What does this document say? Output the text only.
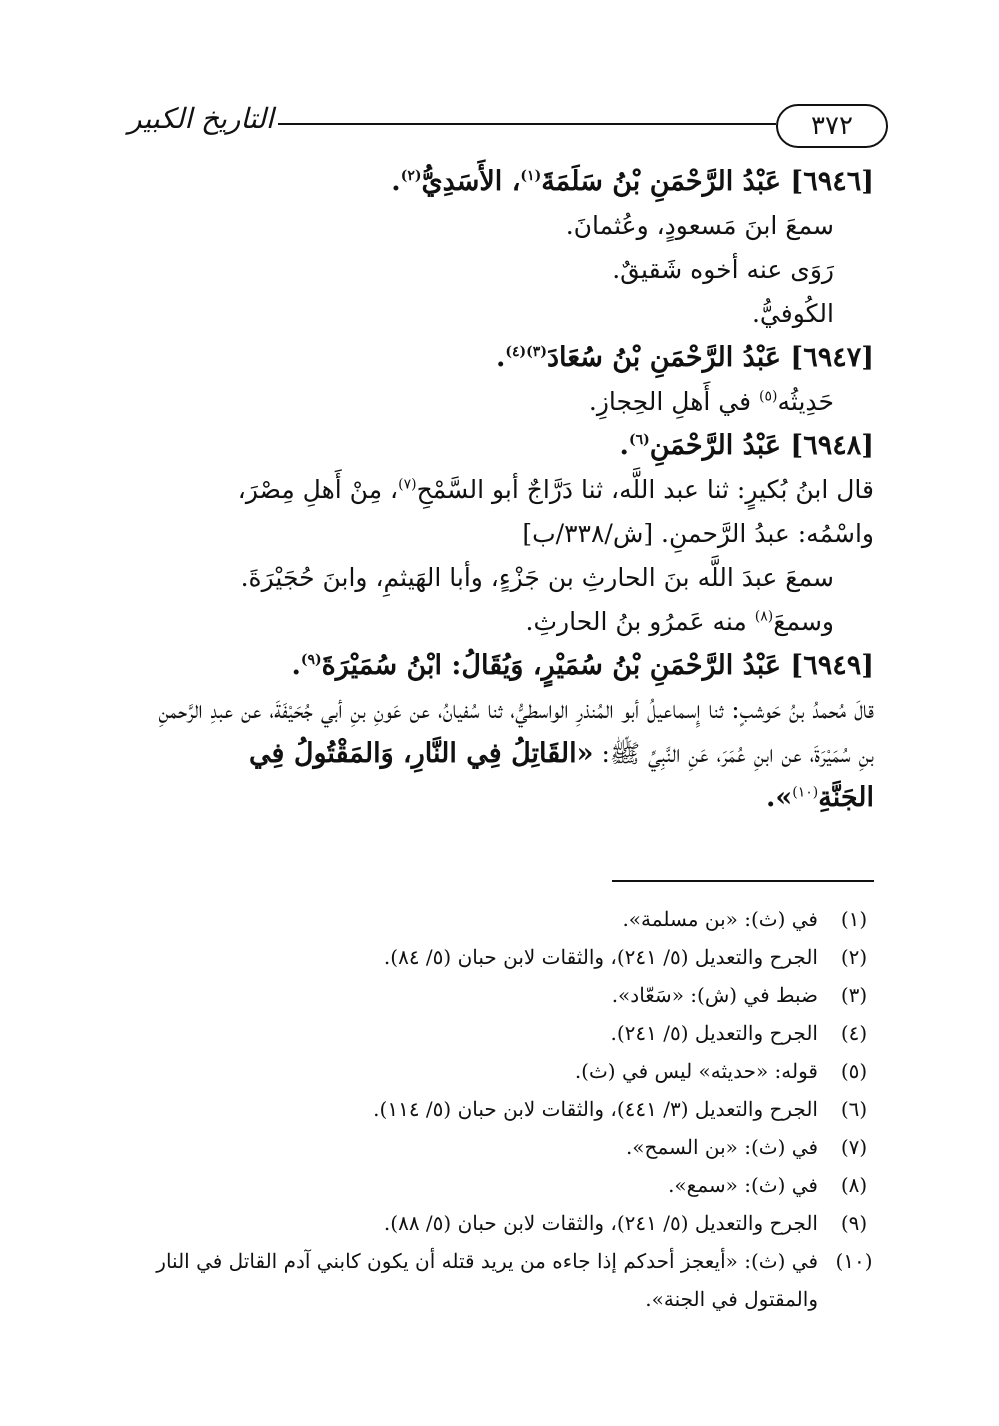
٣٧٢
التاريخ الكبير

[٦٩٤٦] عَبْدُ الرَّحْمَنِ بْنُ سَلَمَةَ$^{(١)}$، الأَسَدِيُّ$^{(٢)}$.

سمعَ ابنَ مَسعودٍ، وعُثمانَ.

رَوَى عنه أخوه شَقيقٌ.

الكُوفيُّ.

[٦٩٤٧] عَبْدُ الرَّحْمَنِ بْنُ سُعَادَ$^{(٣)(٤)}$.

حَدِيثُه$^{(٥)}$ في أَهلِ الحِجازِ.

[٦٩٤٨] عَبْدُ الرَّحْمَنِ$^{(٦)}$.

قال ابنُ بُكيرٍ: ثنا عبد اللَّه، ثنا دَرَّاجٌ أبو السَّمْحِ$^{(٧)}$، مِنْ أَهلِ مِصْرَ، واسْمُه: عبدُ الرَّحمنِ. [ش/٣٣٨/ب]

سمعَ عبدَ اللَّه بنَ الحارثِ بن جَزْءٍ، وأبا الهَيثمِ، وابنَ حُجَيْرَةَ.

وسمعَ$^{(٨)}$ منه عَمرُو بنُ الحارثِ.

[٦٩٤٩] عَبْدُ الرَّحْمَنِ بْنُ سُمَيْرٍ، وَيُقَالُ: ابْنُ سُمَيْرَةَ$^{(٩)}$.

قالَ مُحمدُ بنُ حَوشبٍ: ثنا إِسماعيلُ أبو المُنذرِ الواسطيُّ، ثنا سُفيانُ، عن عَونِ بنِ أبي جُحَيْفَةَ، عن عبدِ الرَّحمنِ بنِ سُمَيْرَةَ، عن ابنِ عُمَرَ، عَنِ النَّبِيِّ ﷺ: «القَاتِلُ فِي النَّارِ، وَالمَقْتُولُ فِي الجَنَّةِ$^{(١٠)}$».

(١)
في (ث): «بن مسلمة».
(٢)
الجرح والتعديل (٥/ ٢٤١)، والثقات لابن حبان (٥/ ٨٤).
(٣)
ضبط في (ش): «سَعّاد».
(٤)
الجرح والتعديل (٥/ ٢٤١).
(٥)
قوله: «حديثه» ليس في (ث).
(٦)
الجرح والتعديل (٣/ ٤٤١)، والثقات لابن حبان (٥/ ١١٤).
(٧)
في (ث): «بن السمح».
(٨)
في (ث): «سمع».
(٩)
الجرح والتعديل (٥/ ٢٤١)، والثقات لابن حبان (٥/ ٨٨).
(١٠)
في (ث): «أيعجز أحدكم إذا جاءه من يريد قتله أن يكون كابني آدم القاتل في النار والمقتول في الجنة».
